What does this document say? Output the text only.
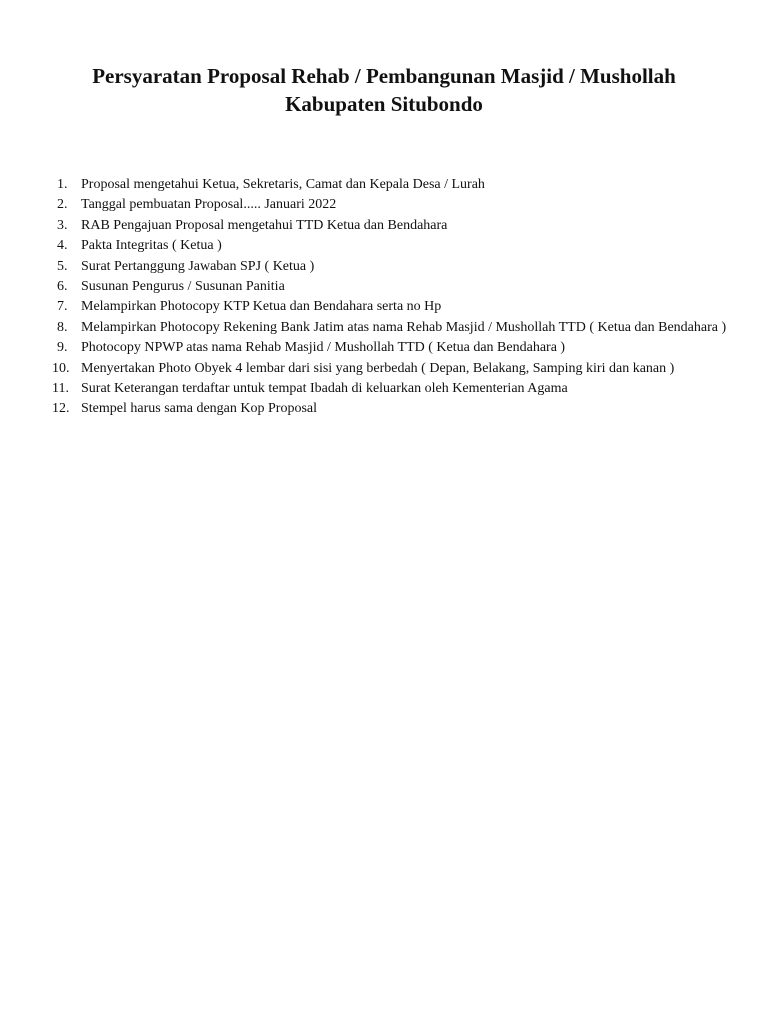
Persyaratan Proposal Rehab / Pembangunan Masjid / Mushollah
Kabupaten Situbondo
1. Proposal mengetahui Ketua, Sekretaris, Camat dan Kepala Desa / Lurah
2. Tanggal pembuatan Proposal..... Januari 2022
3. RAB Pengajuan Proposal mengetahui TTD Ketua dan Bendahara
4. Pakta Integritas ( Ketua )
5. Surat Pertanggung Jawaban SPJ ( Ketua )
6. Susunan Pengurus / Susunan Panitia
7. Melampirkan Photocopy KTP Ketua dan Bendahara serta no Hp
8. Melampirkan Photocopy Rekening Bank Jatim atas nama Rehab Masjid / Mushollah TTD ( Ketua dan Bendahara )
9. Photocopy NPWP atas nama Rehab Masjid / Mushollah TTD ( Ketua dan Bendahara )
10. Menyertakan Photo Obyek 4 lembar dari sisi yang berbedah ( Depan, Belakang, Samping kiri dan kanan )
11. Surat Keterangan terdaftar untuk tempat Ibadah di keluarkan oleh Kementerian Agama
12. Stempel harus sama dengan Kop Proposal
